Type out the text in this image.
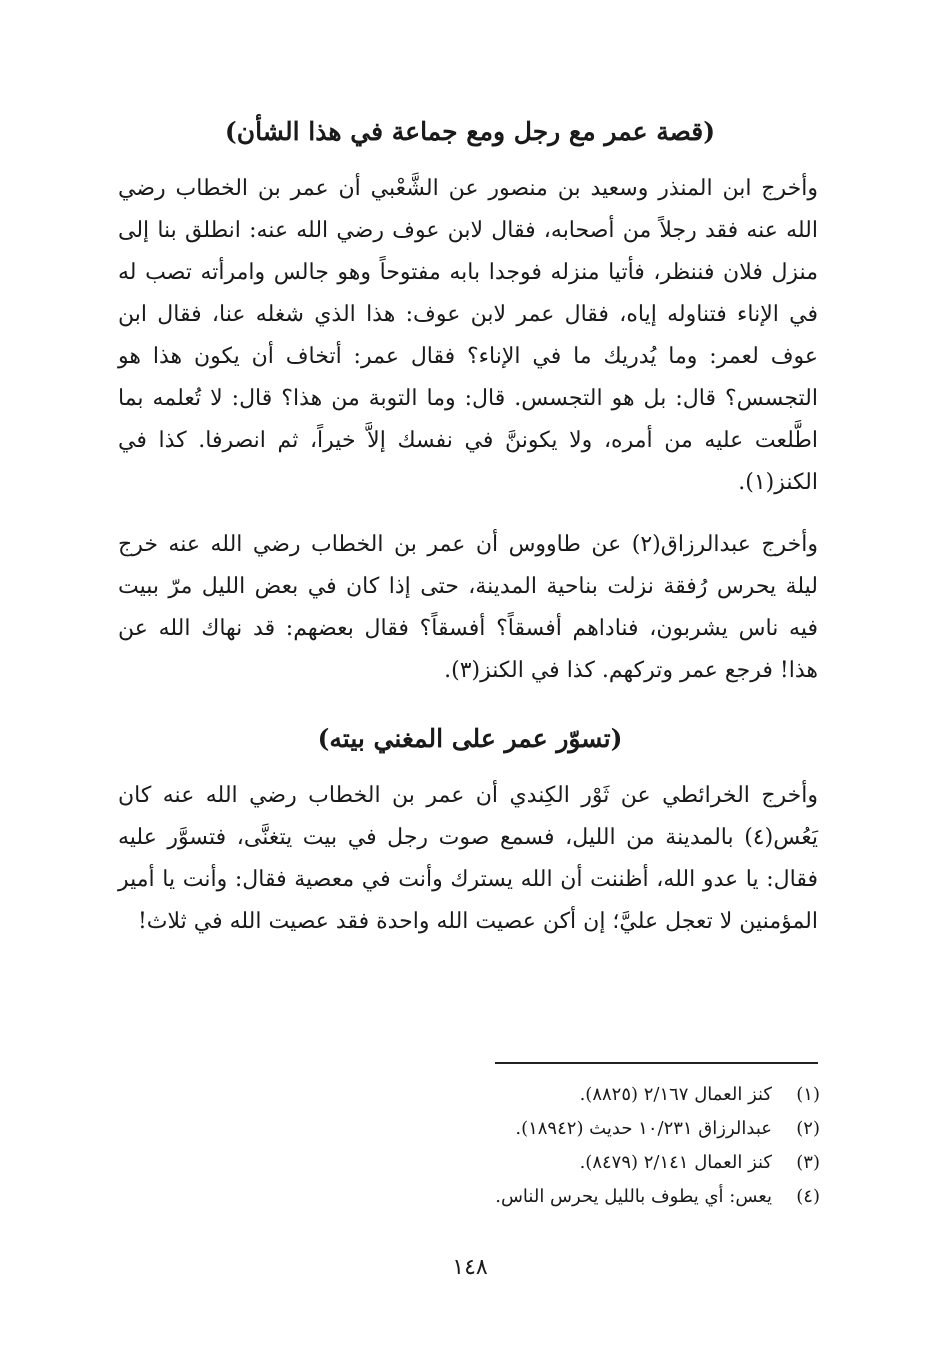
(قصة عمر مع رجل ومع جماعة في هذا الشأن)

وأخرج ابن المنذر وسعيد بن منصور عن الشَّعْبي أن عمر بن الخطاب رضي الله عنه فقد رجلاً من أصحابه، فقال لابن عوف رضي الله عنه: انطلق بنا إلى منزل فلان فننظر، فأتيا منزله فوجدا بابه مفتوحاً وهو جالس وامرأته تصب له في الإناء فتناوله إياه، فقال عمر لابن عوف: هذا الذي شغله عنا، فقال ابن عوف لعمر: وما يُدريك ما في الإناء؟ فقال عمر: أتخاف أن يكون هذا هو التجسس؟ قال: بل هو التجسس. قال: وما التوبة من هذا؟ قال: لا تُعلمه بما اطَّلعت عليه من أمره، ولا يكوننَّ في نفسك إلاَّ خيراً، ثم انصرفا. كذا في الكنز(١).

وأخرج عبدالرزاق(٢) عن طاووس أن عمر بن الخطاب رضي الله عنه خرج ليلة يحرس رُفقة نزلت بناحية المدينة، حتى إذا كان في بعض الليل مرّ ببيت فيه ناس يشربون، فناداهم أفسقاً؟ أفسقاً؟ فقال بعضهم: قد نهاك الله عن هذا! فرجع عمر وتركهم. كذا في الكنز(٣).

(تسوّر عمر على المغني بيته)

وأخرج الخرائطي عن ثَوْر الكِندي أن عمر بن الخطاب رضي الله عنه كان يَعُس(٤) بالمدينة من الليل، فسمع صوت رجل في بيت يتغنَّى، فتسوَّر عليه فقال: يا عدو الله، أظننت أن الله يسترك وأنت في معصية فقال: وأنت يا أمير المؤمنين لا تعجل عليَّ؛ إن أكن عصيت الله واحدة فقد عصيت الله في ثلاث!

(١)كنز العمال ٢/١٦٧ (٨٨٢٥).
(٢)عبدالرزاق ١٠/٢٣١ حديث (١٨٩٤٢).
(٣)كنز العمال ٢/١٤١ (٨٤٧٩).
(٤)يعس: أي يطوف بالليل يحرس الناس.
١٤٨
